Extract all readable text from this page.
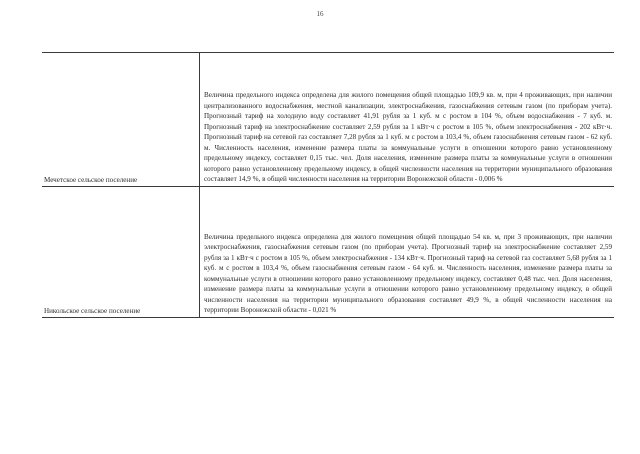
16
Мечетское сельское поселение	Величина предельного индекса определена для жилого помещения общей площадью 109,9 кв. м, при 4 проживающих, при наличии централизованного водоснабжения, местной канализации, электроснабжения, газоснабжения сетевым газом (по приборам учета). Прогнозный тариф на холодную воду составляет 41,91 рубля за 1 куб. м с ростом в 104 %, объем водоснабжения - 7 куб. м. Прогнозный тариф на электроснабжение составляет 2,59 рубля за 1 кВт·ч с ростом в 105 %, объем электроснабжения - 202 кВт·ч. Прогнозный тариф на сетевой газ составляет 7,28 рубля за 1 куб. м с ростом в 103,4 %, объем газоснабжения сетевым газом - 62 куб. м. Численность населения, изменение размера платы за коммунальные услуги в отношении которого равно установленному предельному индексу, составляет 0,15 тыс. чел. Доля населения, изменение размера платы за коммунальные услуги в отношении которого равно установленному предельному индексу, в общей численности населения на территории муниципального образования составляет 14,9 %, в общей численности населения на территории Воронежской области - 0,006 %

Никольское сельское поселение	Величина предельного индекса определена для жилого помещения общей площадью 54 кв. м, при 3 проживающих, при наличии электроснабжения, газоснабжения сетевым газом (по приборам учета). Прогнозный тариф на электроснабжение составляет 2,59 рубля за 1 кВт·ч с ростом в 105 %, объем электроснабжения - 134 кВт·ч. Прогнозный тариф на сетевой газ составляет 5,68 рубля за 1 куб. м с ростом в 103,4 %, объем газоснабжения сетевым газом - 64 куб. м. Численность населения, изменение размера платы за коммунальные услуги в отношении которого равно установленному предельному индексу, составляет 0,48 тыс. чел. Доля населения, изменение размера платы за коммунальные услуги в отношении которого равно установленному предельному индексу, в общей численности населения на территории муниципального образования составляет 49,9 %, в общей численности населения на территории Воронежской области - 0,021 %
